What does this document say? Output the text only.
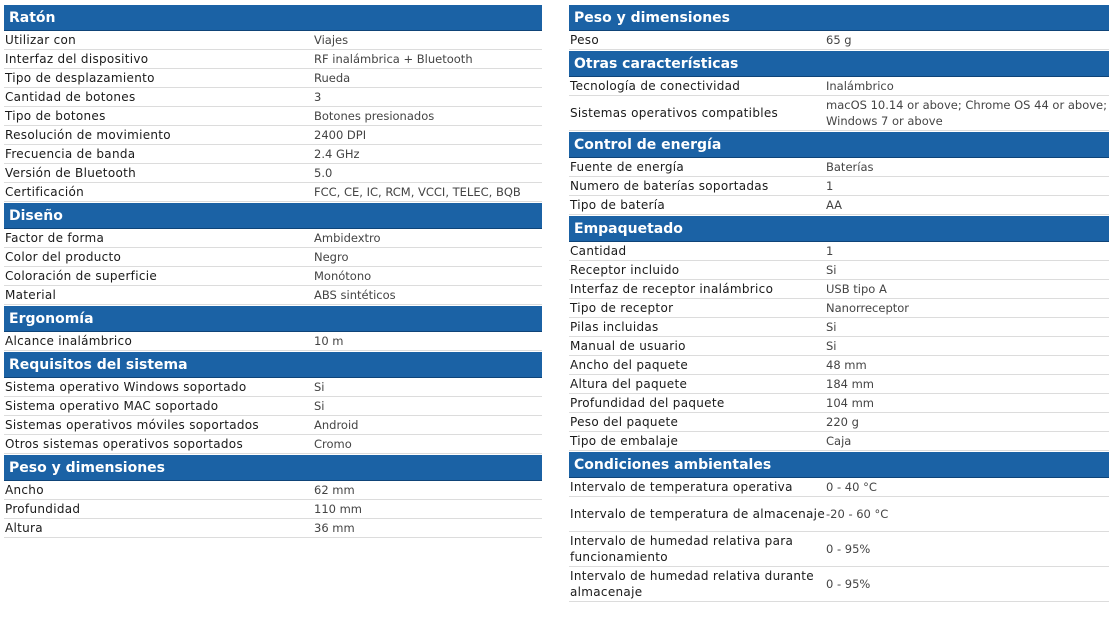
Ratón
Utilizar con	Viajes
Interfaz del dispositivo	RF inalámbrica + Bluetooth
Tipo de desplazamiento	Rueda
Cantidad de botones	3
Tipo de botones	Botones presionados
Resolución de movimiento	2400 DPI
Frecuencia de banda	2.4 GHz
Versión de Bluetooth	5.0
Certificación	FCC, CE, IC, RCM, VCCI, TELEC, BQB
Diseño
Factor de forma	Ambidextro
Color del producto	Negro
Coloración de superficie	Monótono
Material	ABS sintéticos
Ergonomía
Alcance inalámbrico	10 m
Requisitos del sistema
Sistema operativo Windows soportado	Si
Sistema operativo MAC soportado	Si
Sistemas operativos móviles soportados	Android
Otros sistemas operativos soportados	Cromo
Peso y dimensiones
Ancho	62 mm
Profundidad	110 mm
Altura	36 mm
Peso y dimensiones
Peso	65 g
Otras características
Tecnología de conectividad	Inalámbrico
Sistemas operativos compatibles	macOS 10.14 or above; Chrome OS 44 or above; Windows 7 or above
Control de energía
Fuente de energía	Baterías
Numero de baterías soportadas	1
Tipo de batería	AA
Empaquetado
Cantidad	1
Receptor incluido	Si
Interfaz de receptor inalámbrico	USB tipo A
Tipo de receptor	Nanorreceptor
Pilas incluidas	Si
Manual de usuario	Si
Ancho del paquete	48 mm
Altura del paquete	184 mm
Profundidad del paquete	104 mm
Peso del paquete	220 g
Tipo de embalaje	Caja
Condiciones ambientales
Intervalo de temperatura operativa	0 - 40 °C
Intervalo de temperatura de almacenaje	-20 - 60 °C
Intervalo de humedad relativa para funcionamiento	0 - 95%
Intervalo de humedad relativa durante almacenaje	0 - 95%
